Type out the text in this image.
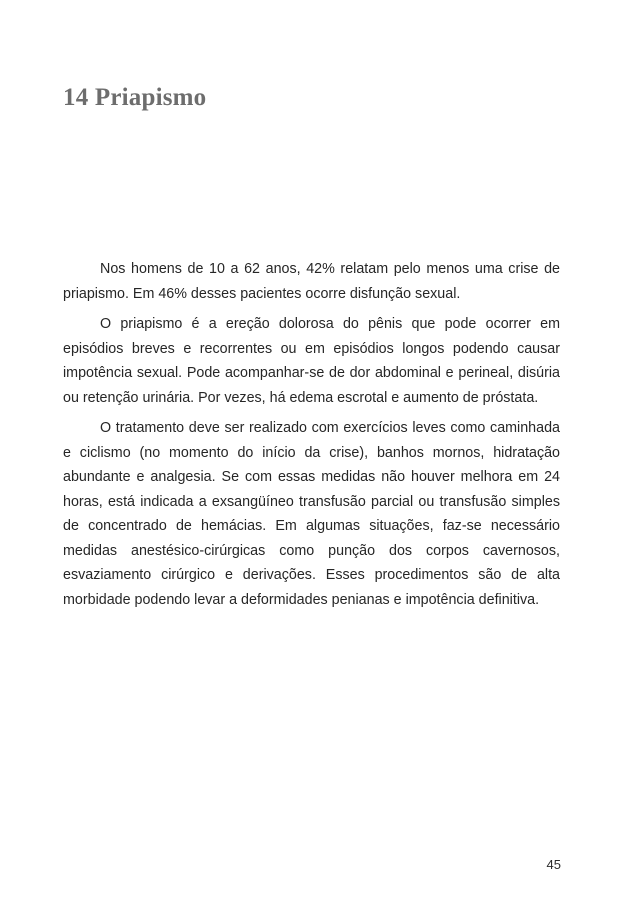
14 Priapismo

Nos homens de 10 a 62 anos, 42% relatam pelo menos uma crise de priapismo. Em 46% desses pacientes ocorre disfunção sexual.

O priapismo é a ereção dolorosa do pênis que pode ocorrer em episódios breves e recorrentes ou em episódios longos podendo causar impotência sexual. Pode acompanhar-se de dor abdominal e perineal, disúria ou retenção urinária. Por vezes, há edema escrotal e aumento de próstata.

O tratamento deve ser realizado com exercícios leves como caminhada e ciclismo (no momento do início da crise), banhos mornos, hidratação abundante e analgesia. Se com essas medidas não houver melhora em 24 horas, está indicada a exsangüíneo transfusão parcial ou transfusão simples de concentrado de hemácias. Em algumas situações, faz-se necessário medidas anestésico-cirúrgicas como punção dos corpos cavernosos, esvaziamento cirúrgico e derivações. Esses procedimentos são de alta morbidade podendo levar a deformidades penianas e impotência definitiva.

45
